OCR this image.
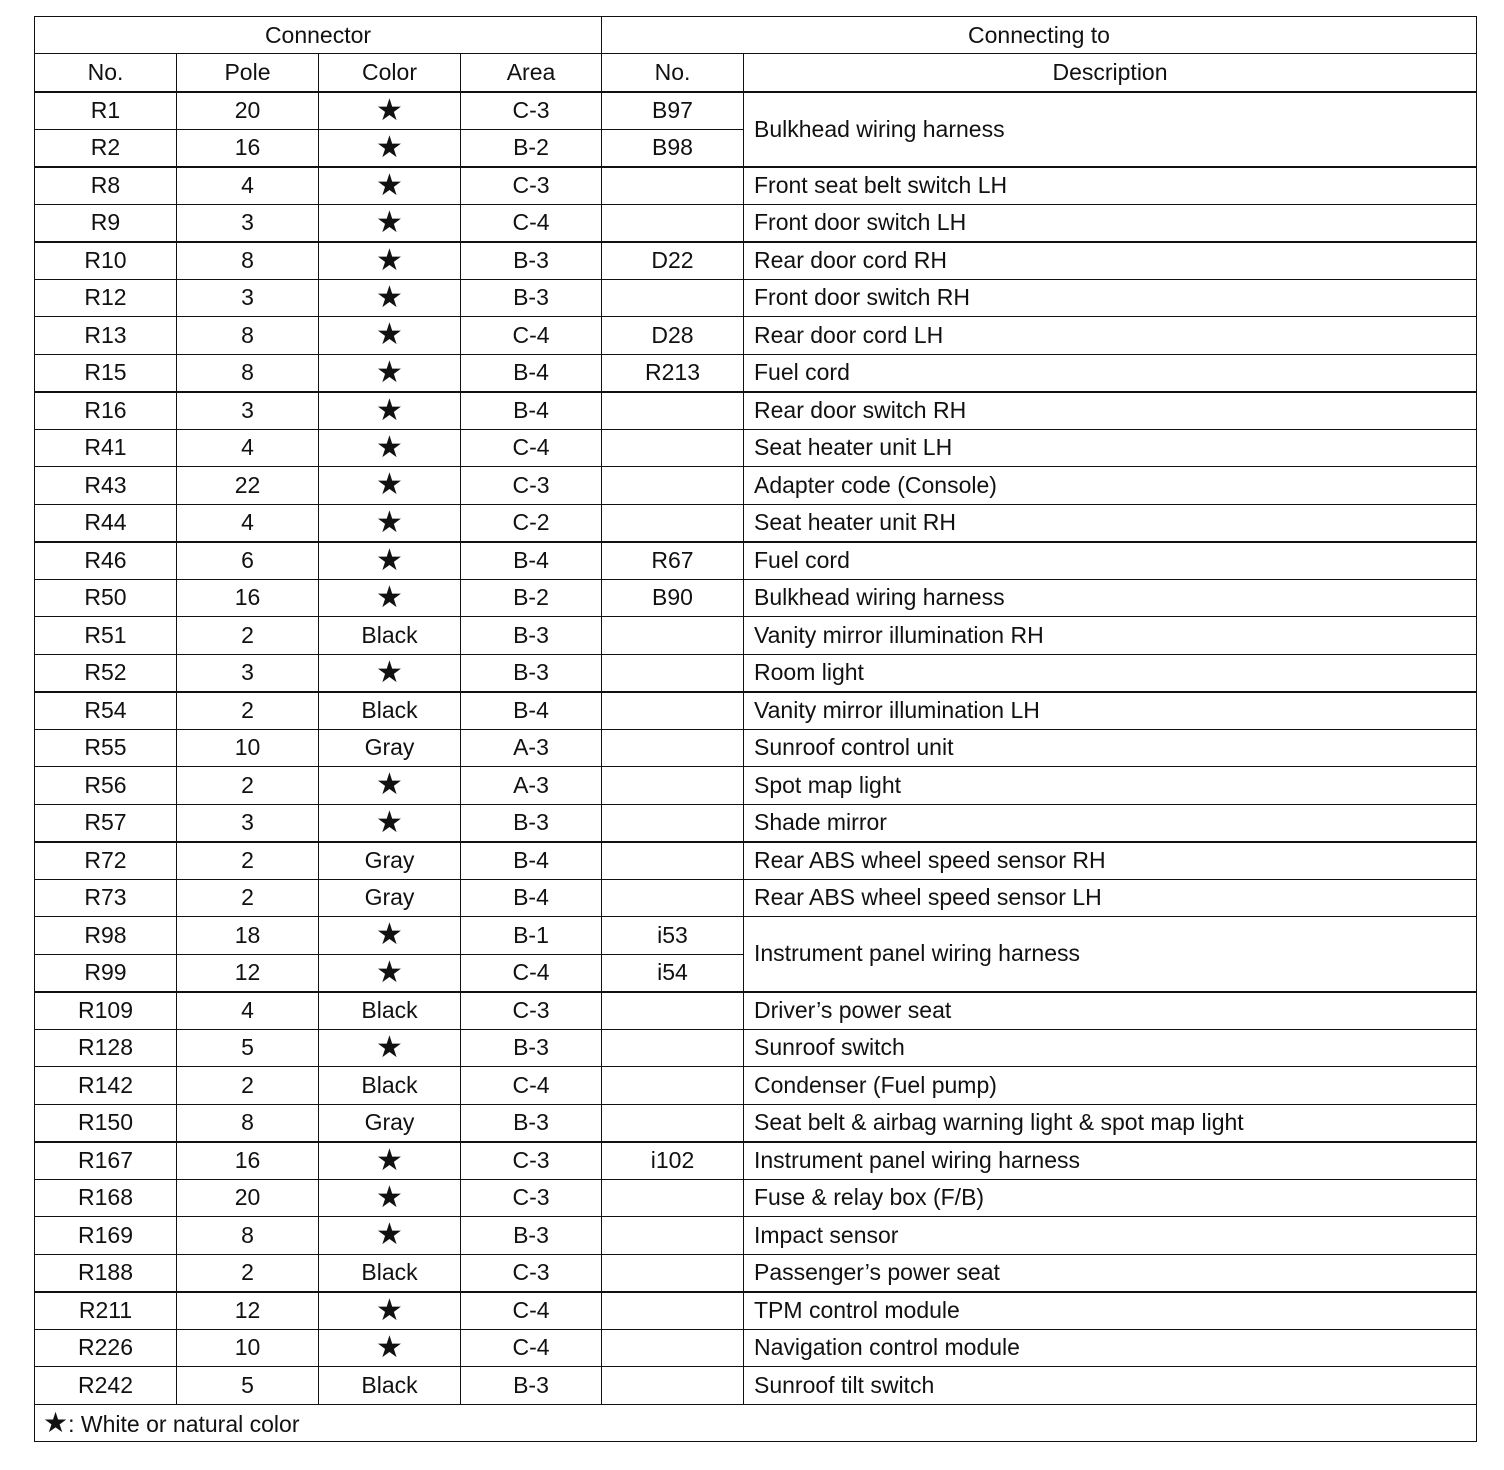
Connector				Connecting to	
No.	Pole	Color	Area	No.	Description
R1	20	★	C-3	B97	Bulkhead wiring harness
R2	16	★	B-2	B98	
R8	4	★	C-3		Front seat belt switch LH
R9	3	★	C-4		Front door switch LH
R10	8	★	B-3	D22	Rear door cord RH
R12	3	★	B-3		Front door switch RH
R13	8	★	C-4	D28	Rear door cord LH
R15	8	★	B-4	R213	Fuel cord
R16	3	★	B-4		Rear door switch RH
R41	4	★	C-4		Seat heater unit LH
R43	22	★	C-3		Adapter code (Console)
R44	4	★	C-2		Seat heater unit RH
R46	6	★	B-4	R67	Fuel cord
R50	16	★	B-2	B90	Bulkhead wiring harness
R51	2	Black	B-3		Vanity mirror illumination RH
R52	3	★	B-3		Room light
R54	2	Black	B-4		Vanity mirror illumination LH
R55	10	Gray	A-3		Sunroof control unit
R56	2	★	A-3		Spot map light
R57	3	★	B-3		Shade mirror
R72	2	Gray	B-4		Rear ABS wheel speed sensor RH
R73	2	Gray	B-4		Rear ABS wheel speed sensor LH
R98	18	★	B-1	i53	Instrument panel wiring harness
R99	12	★	C-4	i54	
R109	4	Black	C-3		Driver’s power seat
R128	5	★	B-3		Sunroof switch
R142	2	Black	C-4		Condenser (Fuel pump)
R150	8	Gray	B-3		Seat belt & airbag warning light & spot map light
R167	16	★	C-3	i102	Instrument panel wiring harness
R168	20	★	C-3		Fuse & relay box (F/B)
R169	8	★	B-3		Impact sensor
R188	2	Black	C-3		Passenger’s power seat
R211	12	★	C-4		TPM control module
R226	10	★	C-4		Navigation control module
R242	5	Black	B-3		Sunroof tilt switch
★: White or natural color					
